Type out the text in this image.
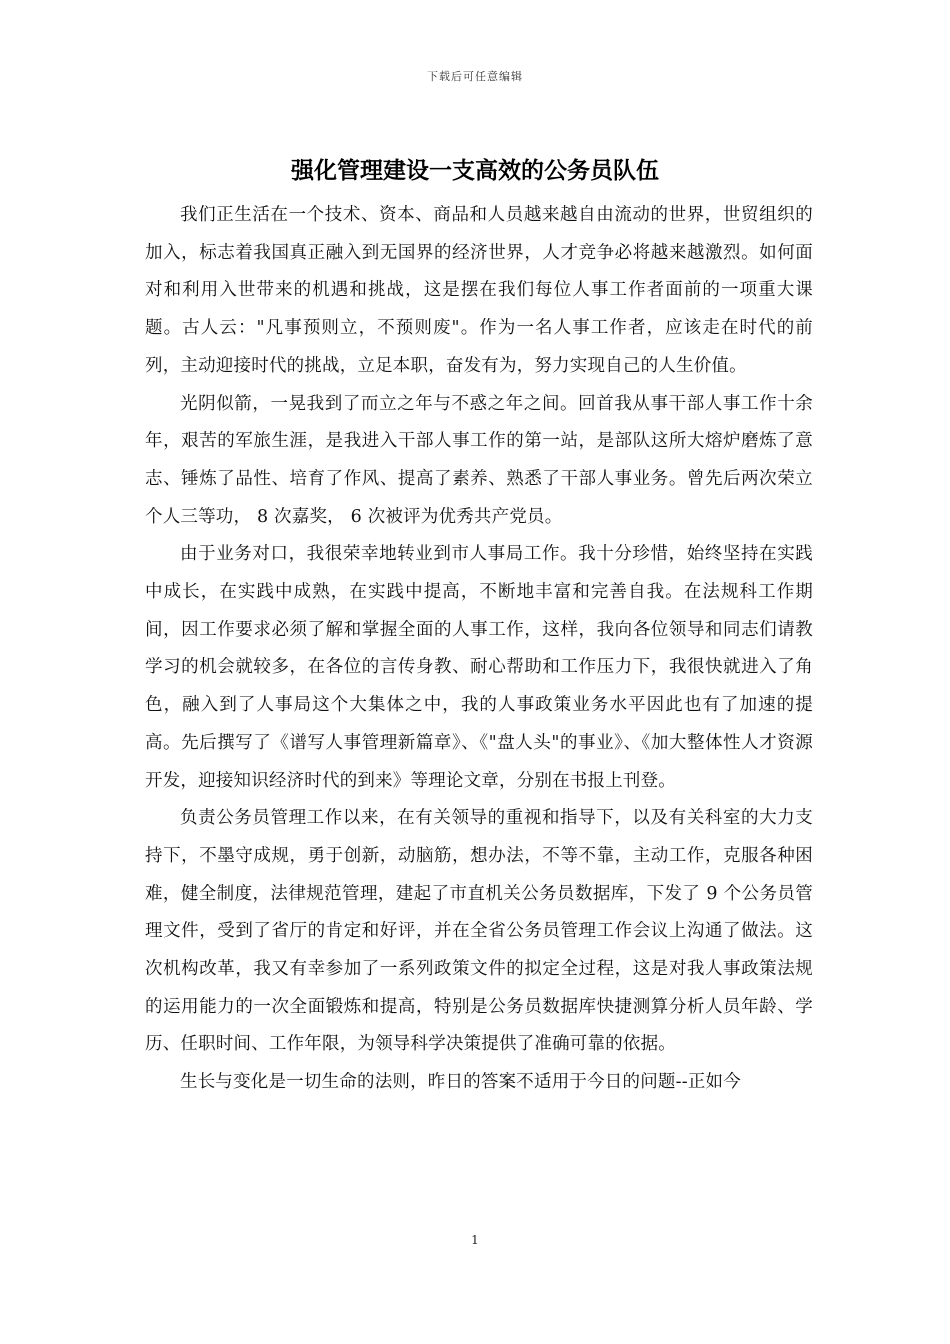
下载后可任意编辑
强化管理建设一支高效的公务员队伍

我们正生活在一个技术、资本、商品和人员越来越自由流动的世界，世贸组织的加入，标志着我国真正融入到无国界的经济世界，人才竞争必将越来越激烈。如何面对和利用入世带来的机遇和挑战，这是摆在我们每位人事工作者面前的一项重大课题。古人云："凡事预则立，不预则废"。作为一名人事工作者，应该走在时代的前列，主动迎接时代的挑战，立足本职，奋发有为，努力实现自己的人生价值。

光阴似箭，一晃我到了而立之年与不惑之年之间。回首我从事干部人事工作十余年，艰苦的军旅生涯，是我进入干部人事工作的第一站，是部队这所大熔炉磨炼了意志、锤炼了品性、培育了作风、提高了素养、熟悉了干部人事业务。曾先后两次荣立个人三等功， 8 次嘉奖， 6 次被评为优秀共产党员。

由于业务对口，我很荣幸地转业到市人事局工作。我十分珍惜，始终坚持在实践中成长，在实践中成熟，在实践中提高，不断地丰富和完善自我。在法规科工作期间，因工作要求必须了解和掌握全面的人事工作，这样，我向各位领导和同志们请教学习的机会就较多，在各位的言传身教、耐心帮助和工作压力下，我很快就进入了角色，融入到了人事局这个大集体之中，我的人事政策业务水平因此也有了加速的提高。先后撰写了《谱写人事管理新篇章》、《"盘人头"的事业》、《加大整体性人才资源开发，迎接知识经济时代的到来》等理论文章，分别在书报上刊登。

负责公务员管理工作以来，在有关领导的重视和指导下，以及有关科室的大力支持下，不墨守成规，勇于创新，动脑筋，想办法，不等不靠，主动工作，克服各种困难，健全制度，法律规范管理，建起了市直机关公务员数据库，下发了 9 个公务员管理文件，受到了省厅的肯定和好评，并在全省公务员管理工作会议上沟通了做法。这次机构改革，我又有幸参加了一系列政策文件的拟定全过程，这是对我人事政策法规的运用能力的一次全面锻炼和提高，特别是公务员数据库快捷测算分析人员年龄、学历、任职时间、工作年限，为领导科学决策提供了准确可靠的依据。

生长与变化是一切生命的法则，昨日的答案不适用于今日的问题--正如今

1
